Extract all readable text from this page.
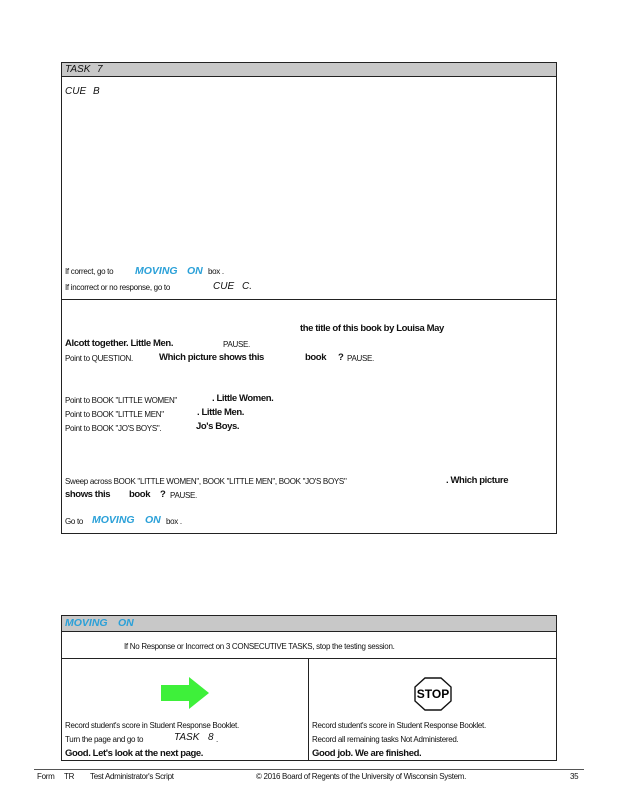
TASK 7
CUE B
If correct, go to MOVING ON box .
If incorrect or no response, go to	CUE C.
the title of this book by Louisa May
Alcott together. Little Men.	PAUSE.
Point to QUESTION.	Which picture shows this	book ? PAUSE.
Point to BOOK "LITTLE WOMEN"	. Little Women.
Point to BOOK "LITTLE MEN"	. Little Men.
Point to BOOK "JO'S BOYS".	Jo's Boys.
Sweep across BOOK "LITTLE WOMEN", BOOK "LITTLE MEN", BOOK "JO'S BOYS"	. Which picture
shows this book ? PAUSE.
Go to MOVING ON box .
MOVING ON
If No Response or Incorrect on 3 CONSECUTIVE TASKS, stop the testing session.
STOP
Record student's score in Student Response Booklet.
Turn the page and go to	TASK 8 .
Good. Let's look at the next page.
Record student's score in Student Response Booklet.
Record all remaining tasks Not Administered.
Good job. We are finished.
Form TR Test Administrator's Script	© 2016 Board of Regents of the University of Wisconsin System.	35
